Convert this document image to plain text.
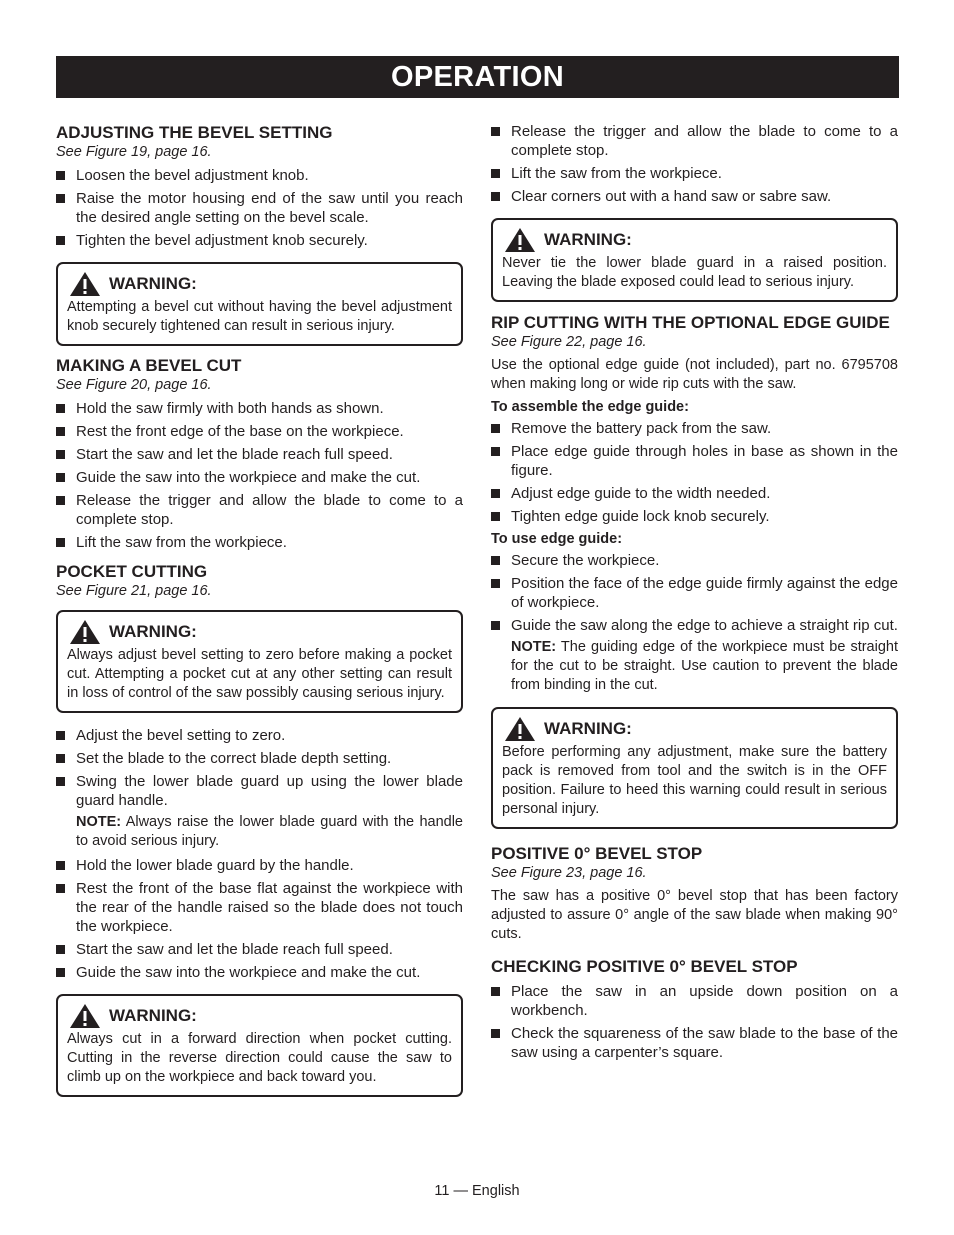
OPERATION
ADJUSTING THE BEVEL SETTING
See Figure 19, page 16.
Loosen the bevel adjustment knob.
Raise the motor housing end of the saw until you reach the desired angle setting on the bevel scale.
Tighten the bevel adjustment knob securely.
WARNING:
Attempting a bevel cut without having the bevel adjustment knob securely tightened can result in serious injury.
MAKING A BEVEL CUT
See Figure 20, page 16.
Hold the saw firmly with both hands as shown.
Rest the front edge of the base on the workpiece.
Start the saw and let the blade reach full speed.
Guide the saw into the workpiece and make the cut.
Release the trigger and allow the blade to come to a complete stop.
Lift the saw from the workpiece.
POCKET CUTTING
See Figure 21, page 16.
WARNING:
Always adjust bevel setting to zero before making a pocket cut. Attempting a pocket cut at any other setting can result in loss of control of the saw possibly causing serious injury.
Adjust the bevel setting to zero.
Set the blade to the correct blade depth setting.
Swing the lower blade guard up using the lower blade guard handle.
NOTE: Always raise the lower blade guard with the handle to avoid serious injury.
Hold the lower blade guard by the handle.
Rest the front of the base flat against the workpiece with the rear of the handle raised so the blade does not touch the workpiece.
Start the saw and let the blade reach full speed.
Guide the saw into the workpiece and make the cut.
WARNING:
Always cut in a forward direction when pocket cutting. Cutting in the reverse direction could cause the saw to climb up on the workpiece and back toward you.
Release the trigger and allow the blade to come to a complete stop.
Lift the saw from the workpiece.
Clear corners out with a hand saw or sabre saw.
WARNING:
Never tie the lower blade guard in a raised position. Leaving the blade exposed could lead to serious injury.
RIP CUTTING WITH THE OPTIONAL EDGE GUIDE
See Figure 22, page 16.
Use the optional edge guide (not included), part no. 6795708 when making long or wide rip cuts with the saw.
To assemble the edge guide:
Remove the battery pack from the saw.
Place edge guide through holes in base as shown in the figure.
Adjust edge guide to the width needed.
Tighten edge guide lock knob securely.
To use edge guide:
Secure the workpiece.
Position the face of the edge guide firmly against the edge of workpiece.
Guide the saw along the edge to achieve a straight rip cut.
NOTE: The guiding edge of the workpiece must be straight for the cut to be straight. Use caution to prevent the blade from binding in the cut.
WARNING:
Before performing any adjustment, make sure the battery pack is removed from tool and the switch is in the OFF position. Failure to heed this warning could result in serious personal injury.
POSITIVE 0° BEVEL STOP
See Figure 23, page 16.
The saw has a positive 0° bevel stop that has been factory adjusted to assure 0° angle of the saw blade when making 90° cuts.
CHECKING POSITIVE 0° BEVEL STOP
Place the saw in an upside down position on a workbench.
Check the squareness of the saw blade to the base of the saw using a carpenter’s square.
11 — English
